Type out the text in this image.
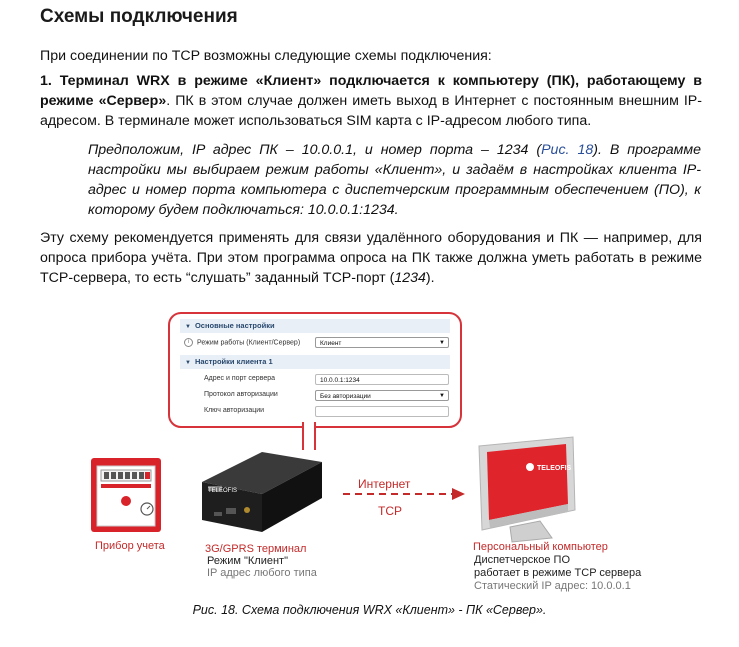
Схемы подключения
При соединении по TCP возможны следующие схемы подключения:
1. Терминал WRX в режиме «Клиент» подключается к компьютеру (ПК), работающему в режиме «Сервер». ПК в этом случае должен иметь выход в Интернет с постоянным внешним IP-адресом. В терминале может использоваться SIM карта с IP-адресом любого типа.
Предположим, IP адрес ПК – 10.0.0.1, и номер порта – 1234 (Рис. 18). В программе настройки мы выбираем режим работы «Клиент», и задаём в настройках клиента IP-адрес и номер порта компьютера с диспетчерским программным обеспечением (ПО), к которому будем подключаться: 10.0.0.1:1234.
Эту схему рекомендуется применять для связи удалённого оборудования и ПК — например, для опроса прибора учёта. При этом программа опроса на ПК также должна уметь работать в режиме TCP-сервера, то есть “слушать” заданный TCP-порт (1234).
▼ Основные настройки
i Режим работы (Клиент/Сервер)	Клиент	▼
▼ Настройки клиента 1
Адрес и порт сервера	10.0.0.1:1234
Протокол авторизации	Без авторизации	▼
Ключ авторизации
TELEOFIS
TELEOFIS
Прибор учета	3G/GPRS терминал
Режим "Клиент"
IP адрес любого типа
Интернет
TCP
Персональный компьютер
Диспетчерское ПО
работает в режиме TCP сервера
Статический IP адрес: 10.0.0.1
Рис. 18. Схема подключения WRX «Клиент» - ПК «Сервер».
